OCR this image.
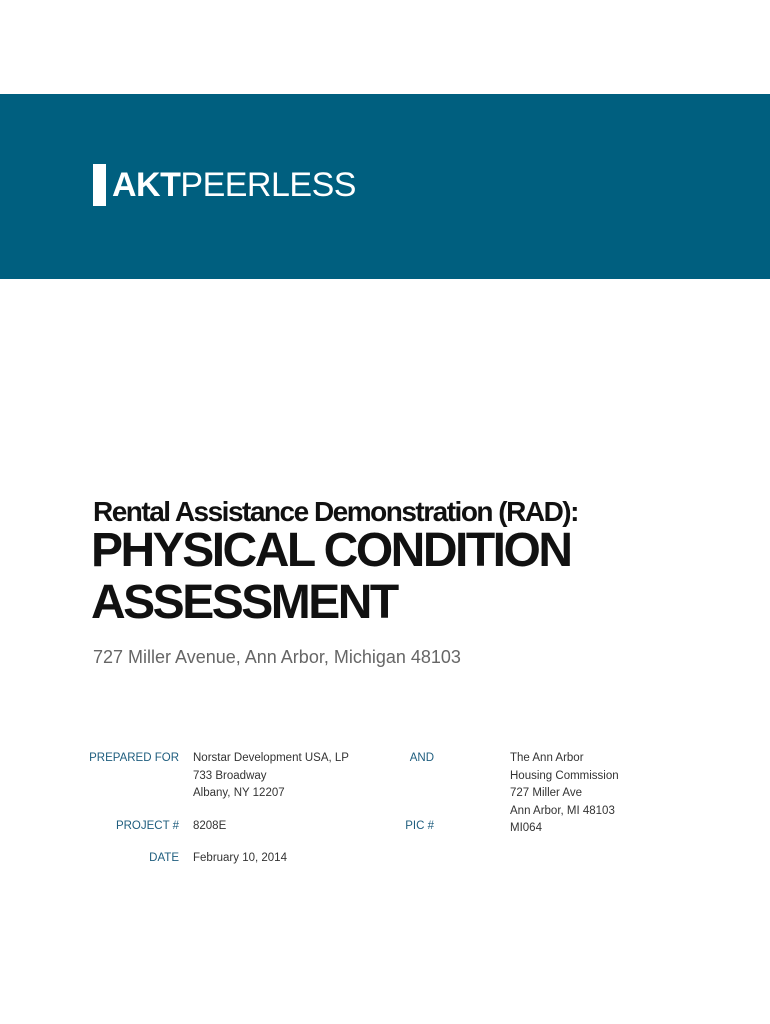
AKT PEERLESS
Rental Assistance Demonstration (RAD):
PHYSICAL CONDITION
ASSESSMENT
727 Miller Avenue, Ann Arbor, Michigan 48103
PREPARED FOR Norstar Development USA, LP
733 Broadway
Albany, NY 12207
AND	The Ann Arbor
Housing Commission
727 Miller Ave
Ann Arbor, MI 48103
MI064
PROJECT # 8208E	PIC #
DATE February 10, 2014
